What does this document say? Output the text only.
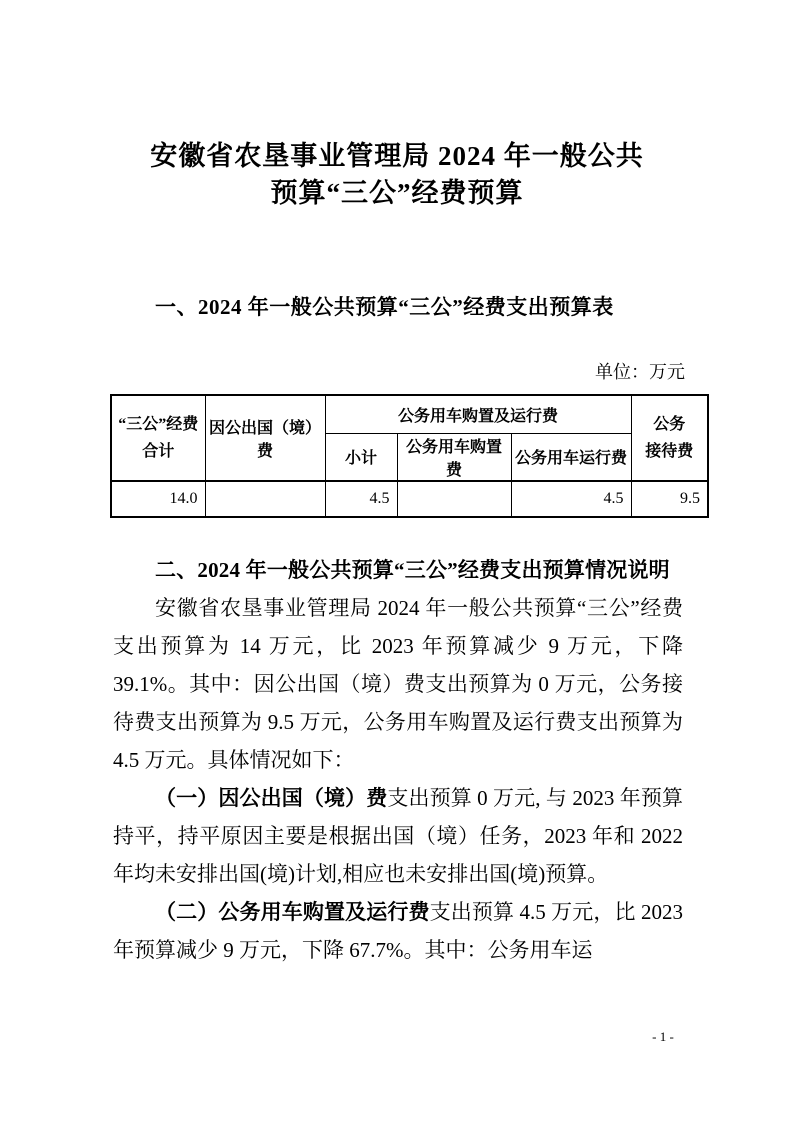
安徽省农垦事业管理局 2024 年一般公共
预算“三公”经费预算
一、2024 年一般公共预算“三公”经费支出预算表
单位：万元
“三公”经费
合计	因公出国（境）费	公务用车购置及运行费			公务
接待费

		小计	公务用车购置费	公务用车运行费	
14.0		4.5		4.5	9.5

二、2024 年一般公共预算“三公”经费支出预算情况说明

安徽省农垦事业管理局 2024 年一般公共预算“三公”经费支出预算为 14 万元，比 2023 年预算减少 9 万元，下降 39.1%。其中：因公出国（境）费支出预算为 0 万元，公务接待费支出预算为 9.5 万元，公务用车购置及运行费支出预算为 4.5 万元。具体情况如下：

（一）因公出国（境）费支出预算 0 万元, 与 2023 年预算持平，持平原因主要是根据出国（境）任务，2023 年和 2022 年均未安排出国(境)计划,相应也未安排出国(境)预算。

（二）公务用车购置及运行费支出预算 4.5 万元，比 2023 年预算减少 9 万元，下降 67.7%。其中：公务用车运

- 1 -
